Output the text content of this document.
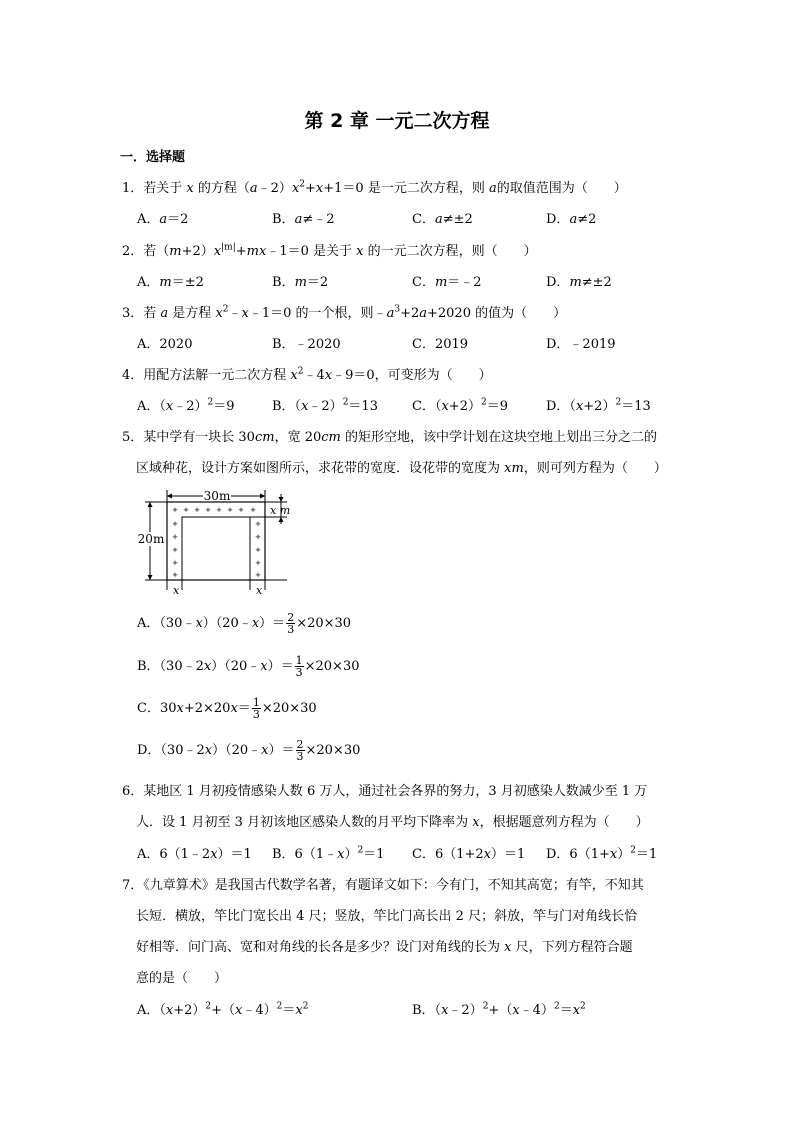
第 2 章 一元二次方程
一．选择题
1．若关于 x 的方程$(a﹣2)x^2+x+1=0$ 是一元二次方程，则 a的取值范围为（　　）
A．a＝2	B．a≠﹣2	C．a≠±2	D．a≠2
2．若$(m+2)x^{|m|}+mx﹣1=0$ 是关于 x 的一元二次方程，则（　　）
A．m＝±2	B．m＝2	C．m＝﹣2	D．m≠±2
3．若 a 是方程 $x^2﹣x﹣1=0$ 的一个根，则$﹣a^3+2a+2020$ 的值为（　　）
A．2020	B．﹣2020	C．2019	D．﹣2019
4．用配方法解一元二次方程 $x^2﹣4x﹣9=0$，可变形为（　　）
A．（x﹣2）$^2$＝9	B．（x﹣2）$^2$＝13	C．$(x+2)^2=9$	D．$(x+2)^2=13$
5．某中学有一块长 30cm，宽 20cm 的矩形空地，该中学计划在这块空地上划出三分之二的
区域种花，设计方案如图所示，求花带的宽度．设花带的宽度为 xm，则可列方程为（　　）
30m
20m
✦ ✦ ✦ ✦ ✦ ✦ ✦ ✦
✦
✦
✦
✦
✦
✦
✦
✦
✦
✦
x m
x	x
A．（30﹣x）（20﹣x）＝ $\frac{2}{3} \times 20\times 30$
B．（30﹣2x）（20﹣x）＝ $\frac{1}{3} \times 20\times 30$
C．$30x+2\times 20x= \frac{1}{3} \times 20\times 30$
D．（30﹣2x）（20﹣x）＝ $\frac{2}{3} \times 20\times 30$
6．某地区 1 月初疫情感染人数 6 万人，通过社会各界的努力，3 月初感染人数减少至 1 万
人．设 1 月初至 3 月初该地区感染人数的月平均下降率为 x，根据题意列方程为（　　）
A．6（1﹣2x）＝1 B．6（1﹣x）$^2$＝1 C．6（1+2x）＝1 D．$6(1+x)^2=1$
7．《九章算术》是我国古代数学名著，有题译文如下：今有门，不知其高宽；有竿，不知其
长短．横放，竿比门宽长出 4 尺；竖放，竿比门高长出 2 尺；斜放，竿与门对角线长恰
好相等．问门高、宽和对角线的长各是多少？设门对角线的长为 x 尺，下列方程符合题
意的是（　　）
A．$(x+2)^2+(x﹣4)^2=x^2$	B．$(x﹣2)^2+(x﹣4)^2=x^2$
